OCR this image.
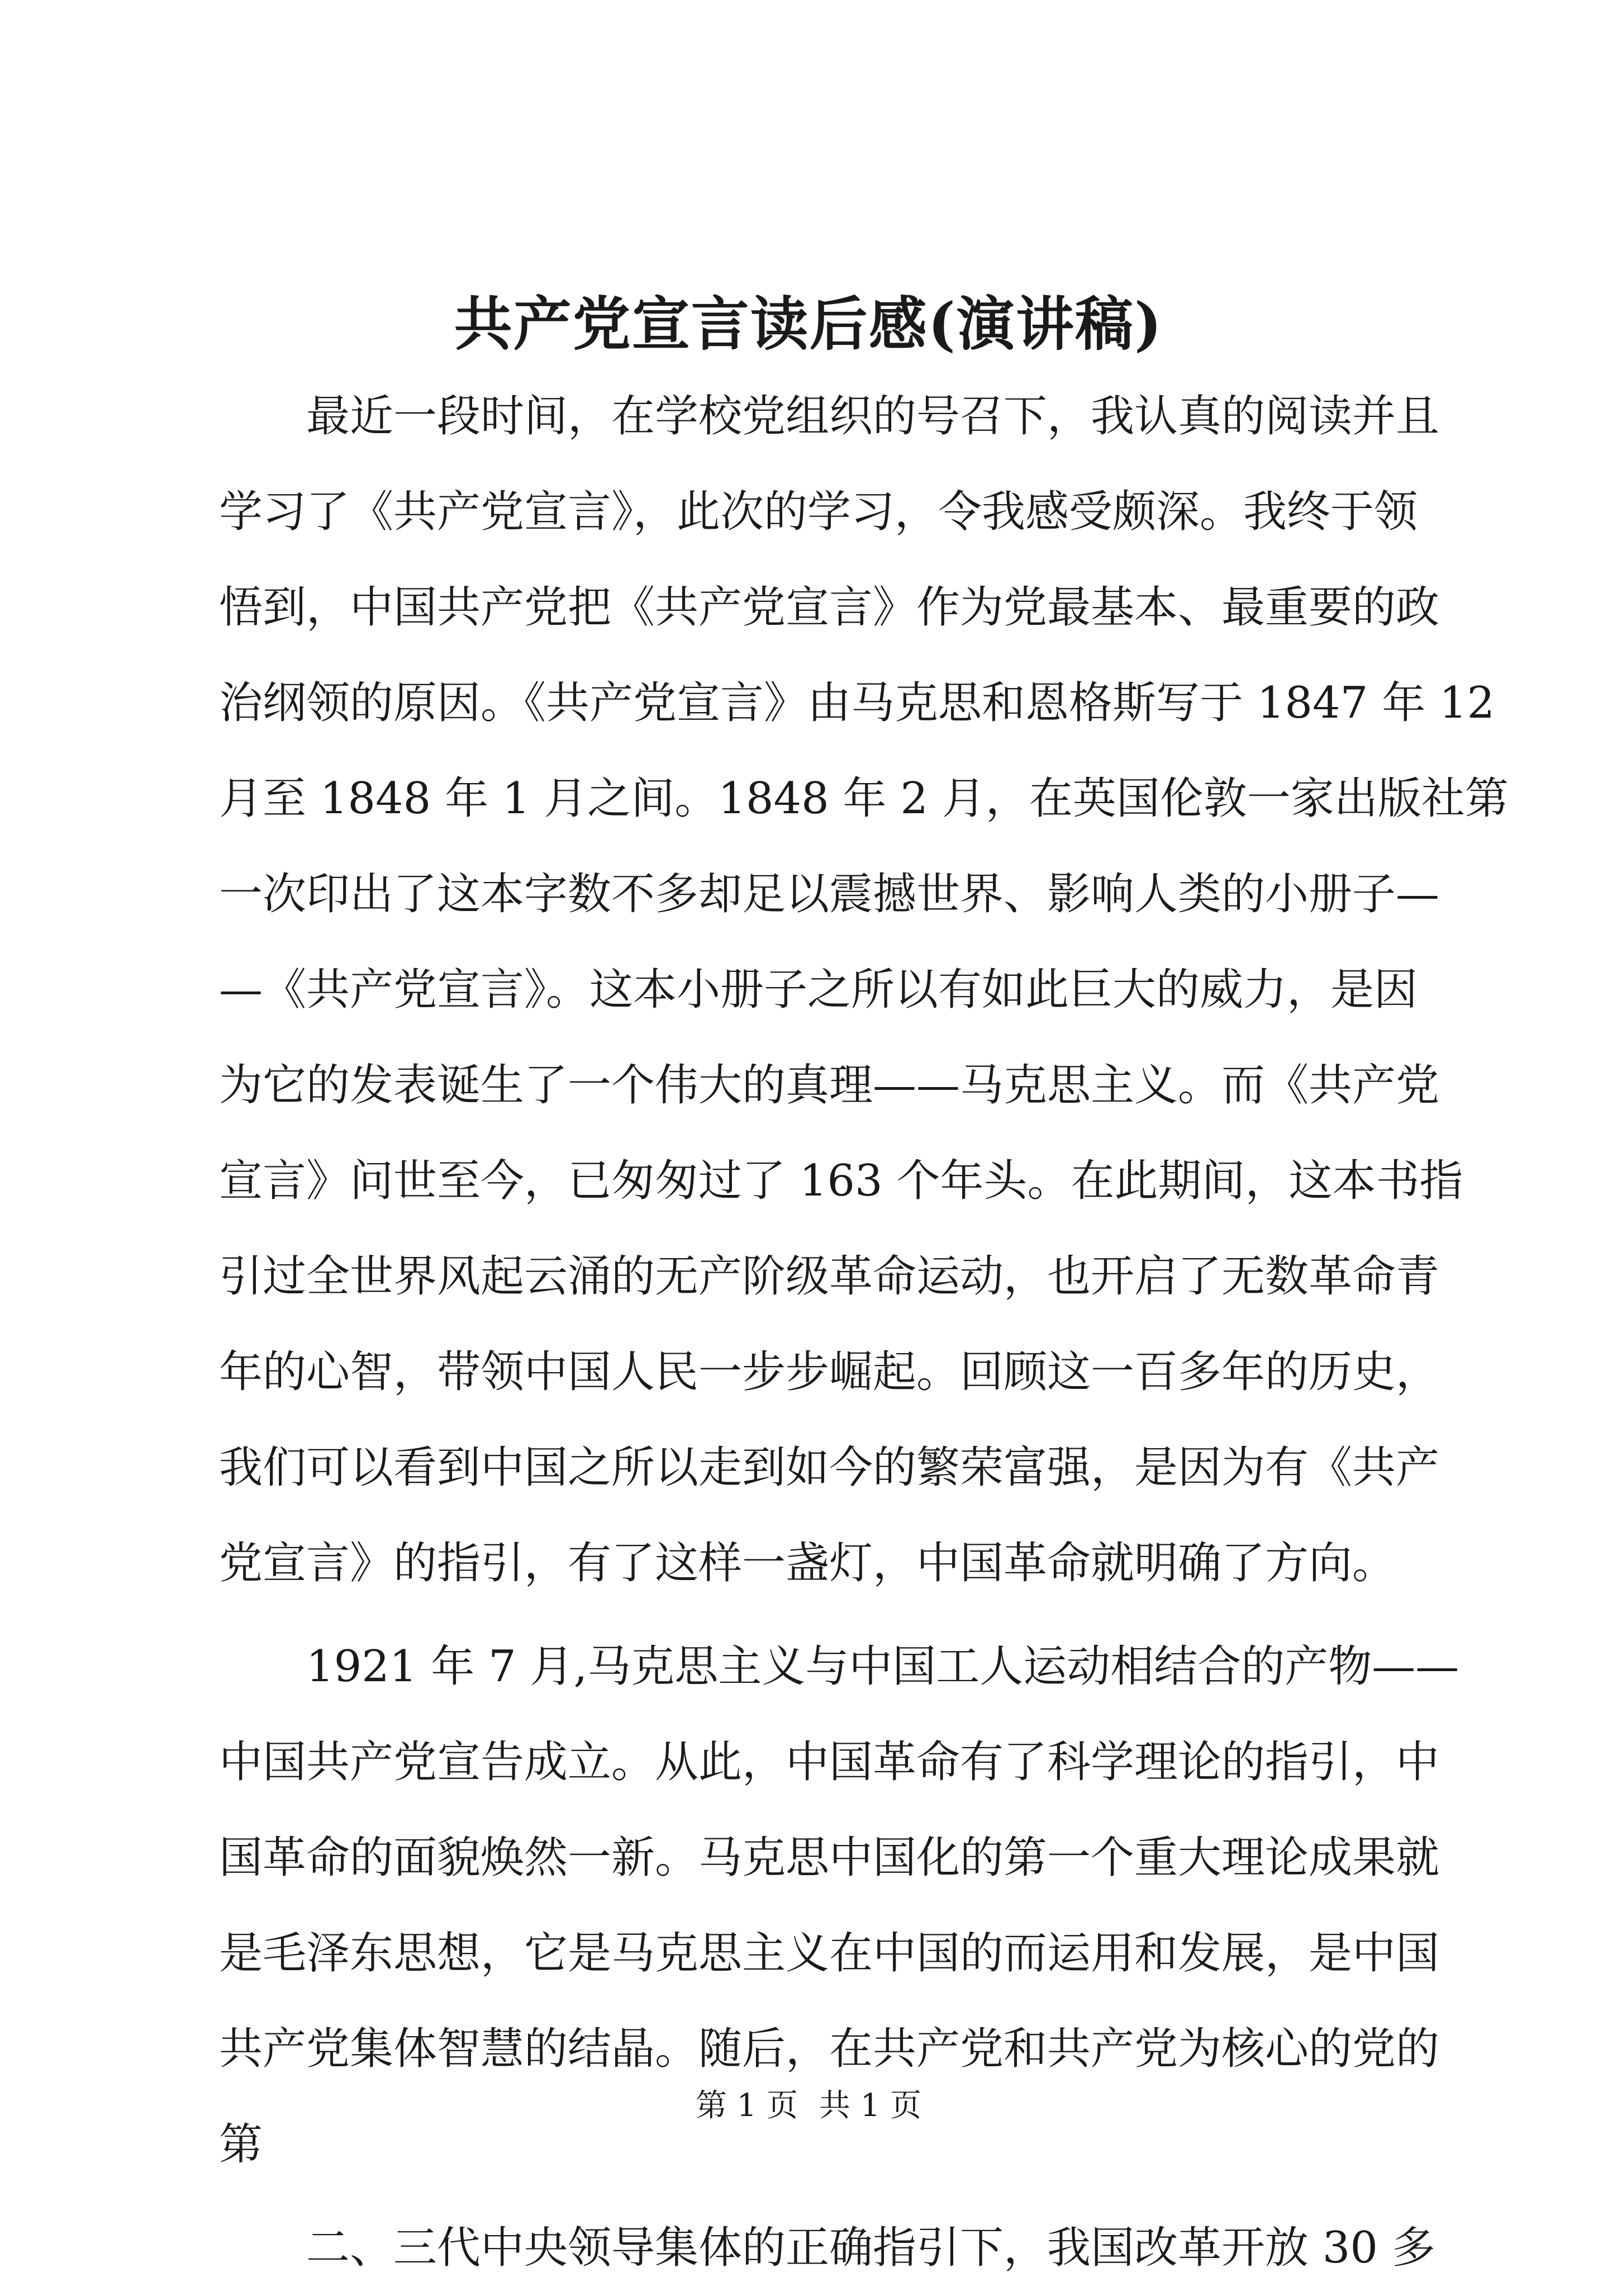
共产党宣言读后感(演讲稿)
最近一段时间，在学校党组织的号召下，我认真的阅读并且
学习了《共产党宣言》，此次的学习，令我感受颇深。我终于领
悟到，中国共产党把《共产党宣言》作为党最基本、最重要的政
治纲领的原因。《共产党宣言》由马克思和恩格斯写于 1847 年 12
月至 1848 年 1 月之间。1848 年 2 月，在英国伦敦一家出版社第
一次印出了这本字数不多却足以震撼世界、影响人类的小册子—
—《共产党宣言》。这本小册子之所以有如此巨大的威力，是因
为它的发表诞生了一个伟大的真理——马克思主义。而《共产党
宣言》问世至今，已匆匆过了 163 个年头。在此期间，这本书指
引过全世界风起云涌的无产阶级革命运动，也开启了无数革命青
年的心智，带领中国人民一步步崛起。回顾这一百多年的历史，
我们可以看到中国之所以走到如今的繁荣富强，是因为有《共产
党宣言》的指引，有了这样一盏灯，中国革命就明确了方向。
1921 年 7 月,马克思主义与中国工人运动相结合的产物——
中国共产党宣告成立。从此，中国革命有了科学理论的指引，中
国革命的面貌焕然一新。马克思中国化的第一个重大理论成果就
是毛泽东思想，它是马克思主义在中国的而运用和发展，是中国
共产党集体智慧的结晶。随后，在共产党和共产党为核心的党的
第
二、三代中央领导集体的正确指引下，我国改革开放 30 多
第 1 页 共 1 页
